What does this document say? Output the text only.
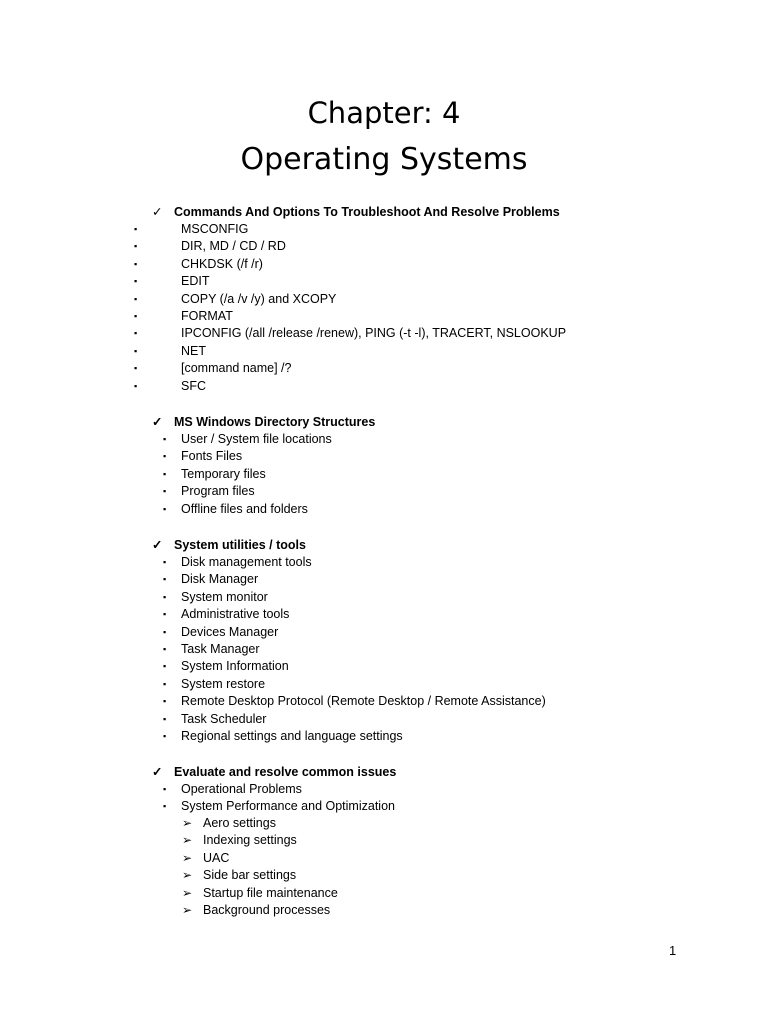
Chapter: 4
Operating Systems
✓ Commands And Options To Troubleshoot And Resolve Problems
▪	MSCONFIG
▪	DIR, MD / CD / RD
▪	CHKDSK (/f /r)
▪	EDIT
▪	COPY (/a /v /y) and XCOPY
▪	FORMAT
▪	IPCONFIG (/all /release /renew), PING (-t -l), TRACERT, NSLOOKUP
▪	NET
▪	[command name] /?
▪	SFC
✓ MS Windows Directory Structures
▪ User / System file locations
▪ Fonts Files
▪ Temporary files
▪ Program files
▪ Offline files and folders
✓ System utilities / tools
▪ Disk management tools
▪ Disk Manager
▪ System monitor
▪ Administrative tools
▪ Devices Manager
▪ Task Manager
▪ System Information
▪ System restore
▪ Remote Desktop Protocol (Remote Desktop / Remote Assistance)
▪ Task Scheduler
▪ Regional settings and language settings
✓ Evaluate and resolve common issues
▪ Operational Problems
▪ System Performance and Optimization
➢ Aero settings
➢ Indexing settings
➢ UAC
➢ Side bar settings
➢ Startup file maintenance
➢ Background processes
1
